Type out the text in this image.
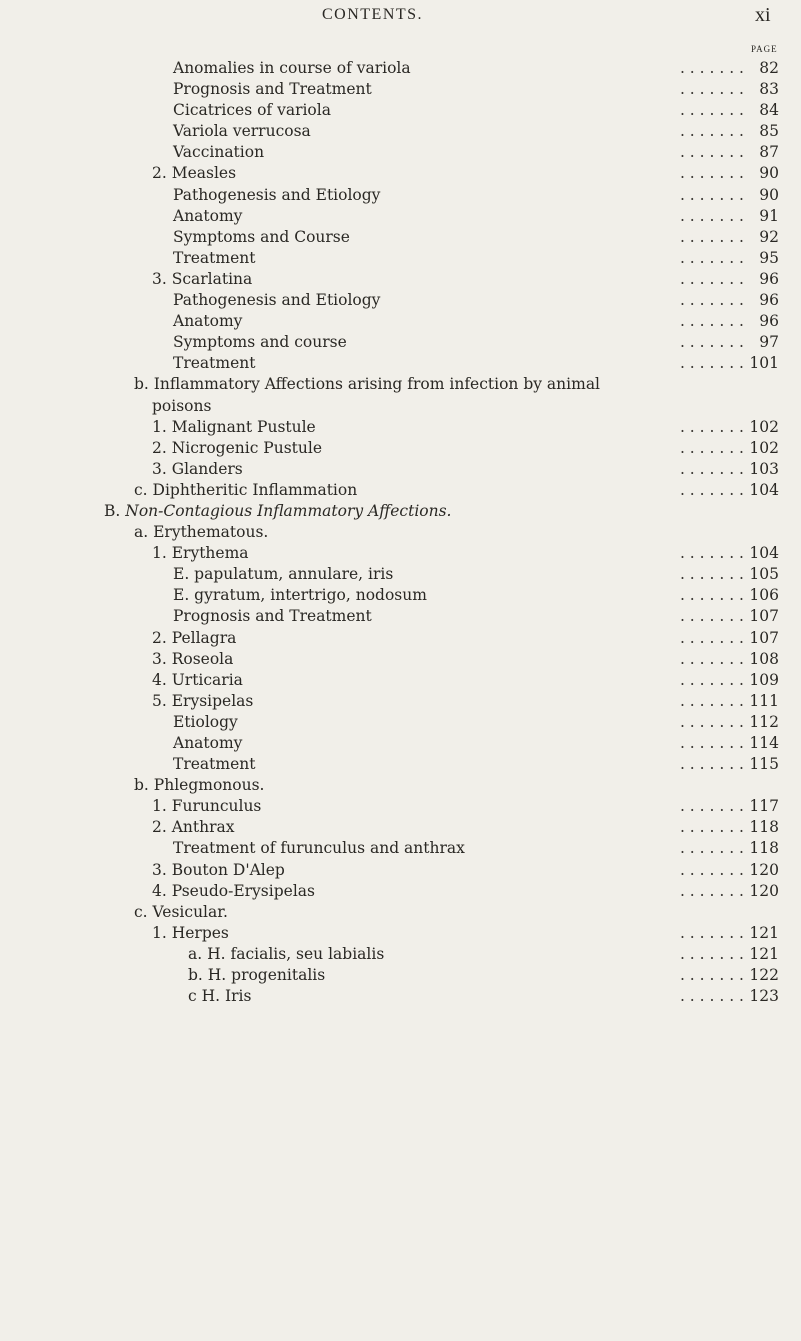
CONTENTS.	xi
PAGE
Anomalies in course of variola	82
. . . . . . .
Prognosis and Treatment	83
. . . . . . .
Cicatrices of variola	84
. . . . . . .
Variola verrucosa	85
. . . . . . .
Vaccination	87
. . . . . . .
2. Measles	90
. . . . . . .
Pathogenesis and Etiology	90
. . . . . . .
Anatomy	91
. . . . . . .
Symptoms and Course	92
. . . . . . .
Treatment	95
. . . . . . .
3. Scarlatina	96
. . . . . . .
Pathogenesis and Etiology	96
. . . . . . .
Anatomy	96
. . . . . . .
Symptoms and course	97
. . . . . . .
Treatment	101
. . . . . . .
b. Inflammatory Affections arising from infection by animal
poisons
1. Malignant Pustule	102
. . . . . . .
2. Nicrogenic Pustule	102
. . . . . . .
3. Glanders	103
. . . . . . .
c. Diphtheritic Inflammation	104
. . . . . . .
B. Non-Contagious Inflammatory Affections.
a. Erythematous.
1. Erythema	104
. . . . . . .
E. papulatum, annulare, iris	105
. . . . . . .
E. gyratum, intertrigo, nodosum	106
. . . . . . .
Prognosis and Treatment	107
. . . . . . .
2. Pellagra	107
. . . . . . .
3. Roseola	108
. . . . . . .
4. Urticaria	109
. . . . . . .
5. Erysipelas	111
. . . . . . .
Etiology	112
. . . . . . .
Anatomy	114
. . . . . . .
Treatment	115
. . . . . . .
b. Phlegmonous.
1. Furunculus	117
. . . . . . .
2. Anthrax	118
. . . . . . .
Treatment of furunculus and anthrax	118
. . . . . . .
3. Bouton D'Alep	120
. . . . . . .
4. Pseudo-Erysipelas	120
. . . . . . .
c. Vesicular.
1. Herpes	121
. . . . . . .
a. H. facialis, seu labialis	121
. . . . . . .
b. H. progenitalis	122
. . . . . . .
c H. Iris	123
. . . . . . .
